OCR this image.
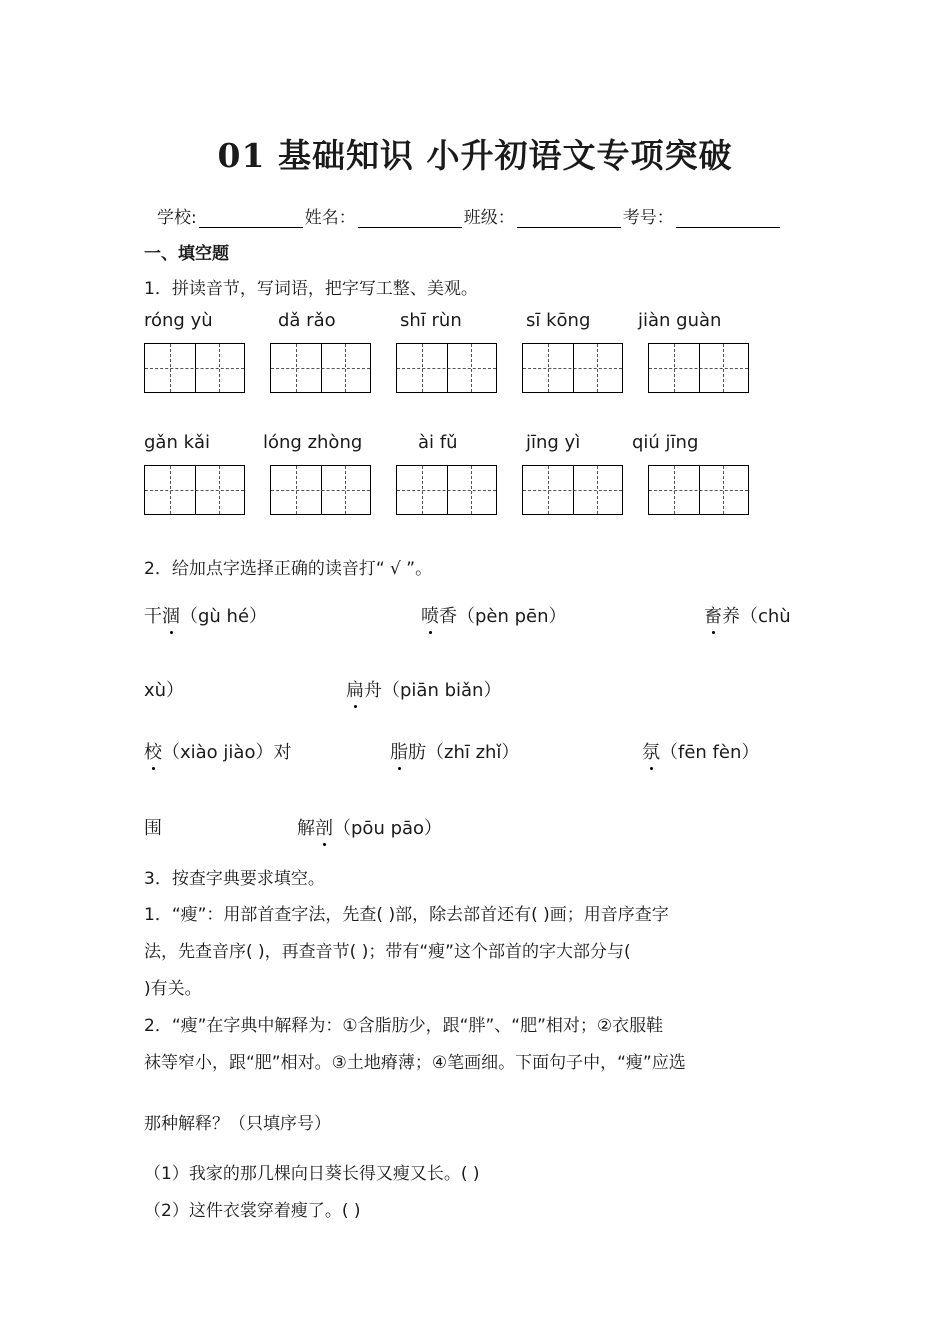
01 基础知识 小升初语文专项突破
学校:	姓名：	班级：	考号：
一、填空题
1．拼读音节，写词语，把字写工整、美观。
róng yù	dǎ rǎo	shī rùn	sī kōng	jiàn guàn
gǎn kǎi	lóng zhòng	ài fǔ	jīng yì	qiú jīng
2．给加点字选择正确的读音打“ √ ”。
干涸（gù hé）	喷香（pèn pēn）	畜养（chù
xù）	扁舟（piān biǎn）
校（xiào jiào）对	脂肪（zhī zhǐ）	氛（fēn fèn）
围	解剖（pōu pāo）
3．按查字典要求填空。
1．“瘦”：用部首查字法，先查( )部，除去部首还有( )画；用音序查字
法，先查音序( )，再查音节( )；带有“瘦”这个部首的字大部分与(
)有关。
2．“瘦”在字典中解释为：①含脂肪少，跟“胖”、“肥”相对；②衣服鞋
袜等窄小，跟“肥”相对。③土地瘠薄；④笔画细。下面句子中，“瘦”应选
那种解释？（只填序号）
（1）我家的那几棵向日葵长得又瘦又长。( )
（2）这件衣裳穿着瘦了。( )
